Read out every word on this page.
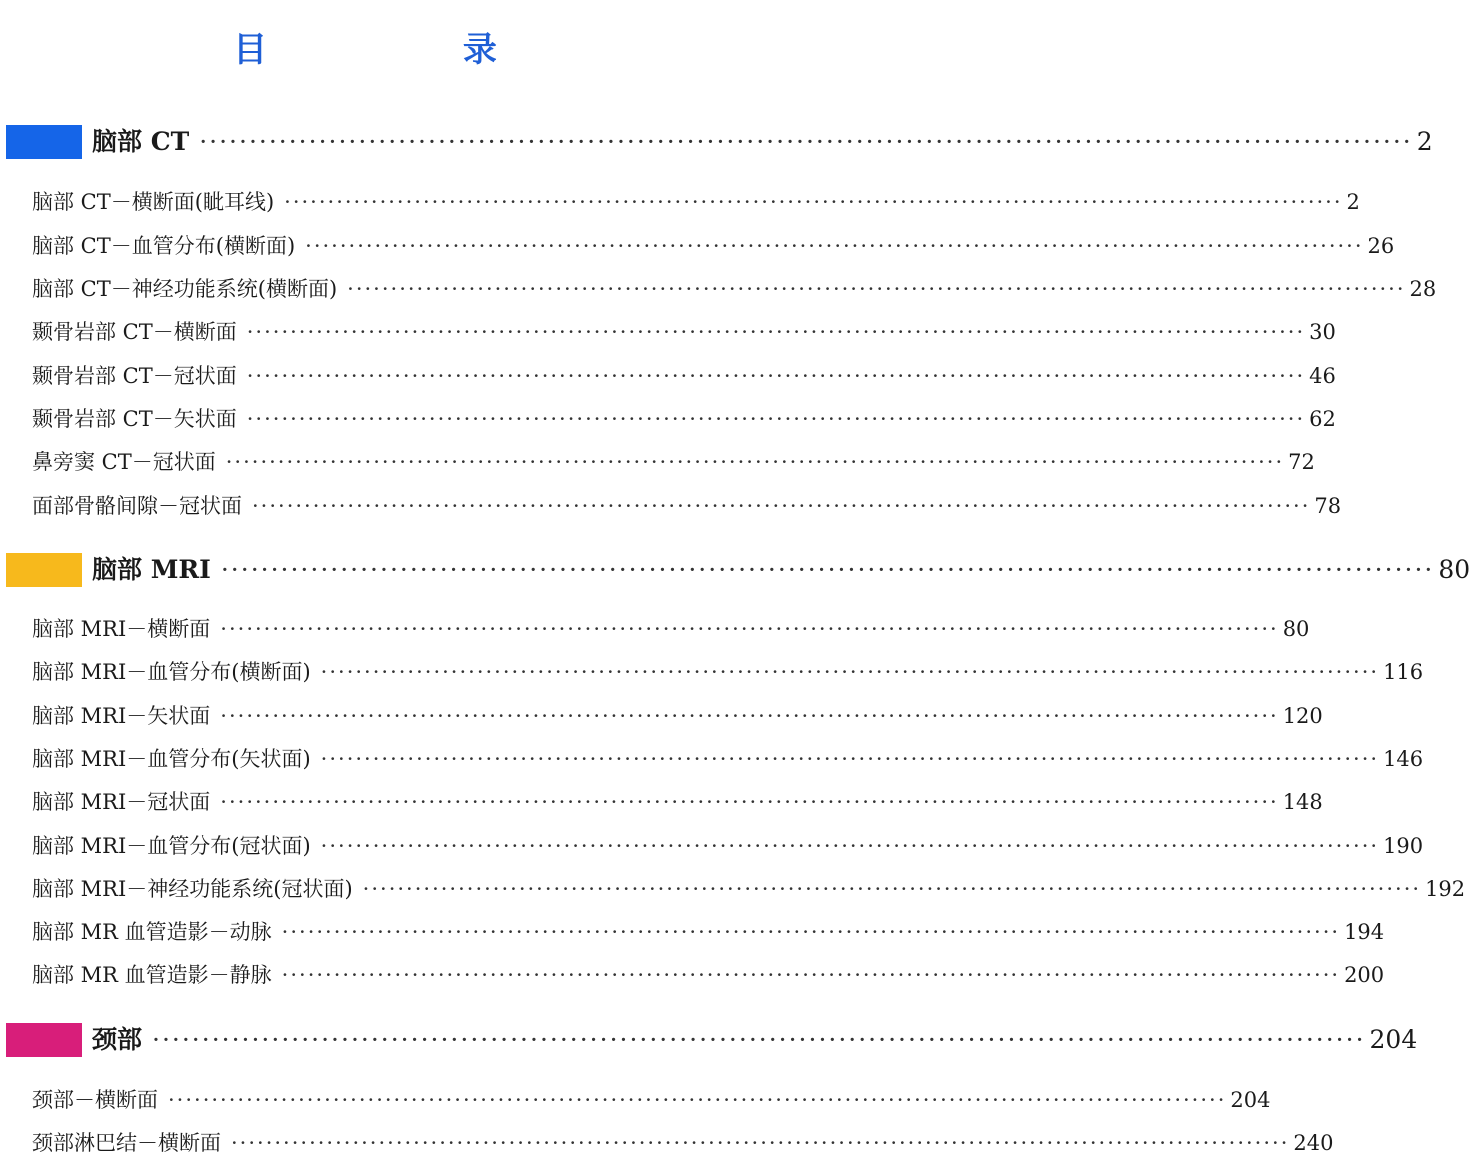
目 录
脑部 CT ·························································································································· 2
脑部 CT－横断面(眦耳线) ·························································································································· 2
脑部 CT－血管分布(横断面) ·························································································································· 26
脑部 CT－神经功能系统(横断面) ·························································································································· 28
颞骨岩部 CT－横断面 ·························································································································· 30
颞骨岩部 CT－冠状面 ·························································································································· 46
颞骨岩部 CT－矢状面 ·························································································································· 62
鼻旁窦 CT－冠状面 ·························································································································· 72
面部骨骼间隙－冠状面 ·························································································································· 78
脑部 MRI ·························································································································· 80
脑部 MRI－横断面 ·························································································································· 80
脑部 MRI－血管分布(横断面) ·························································································································· 116
脑部 MRI－矢状面 ·························································································································· 120
脑部 MRI－血管分布(矢状面) ·························································································································· 146
脑部 MRI－冠状面 ·························································································································· 148
脑部 MRI－血管分布(冠状面) ·························································································································· 190
脑部 MRI－神经功能系统(冠状面) ·························································································································· 192
脑部 MR 血管造影－动脉 ·························································································································· 194
脑部 MR 血管造影－静脉 ·························································································································· 200
颈部 ·························································································································· 204
颈部－横断面 ·························································································································· 204
颈部淋巴结－横断面 ·························································································································· 240
